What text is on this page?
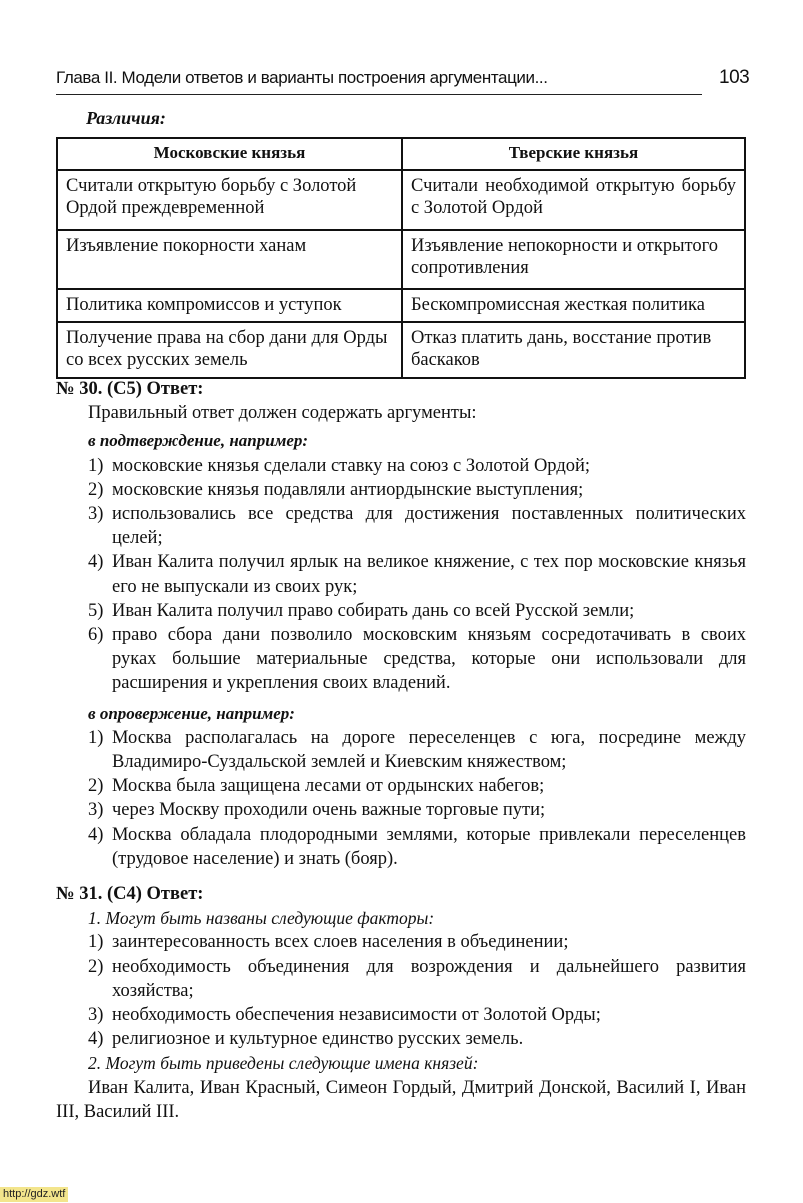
Глава II. Модели ответов и варианты построения аргументации...	103
Различия:
Московские князья	Тверские князья
Считали открытую борьбу с Золотой Ордой преждевременной	Считали необходимой открытую борьбу с Золотой Ордой
Изъявление покорности ханам	Изъявление непокорности и открытого сопротивления
Политика компромиссов и уступок	Бескомпромиссная жесткая политика
Получение права на сбор дани для Орды со всех русских земель	Отказ платить дань, восстание против баскаков
№ 30. (С5) Ответ:
Правильный ответ должен содержать аргументы:
в подтверждение, например:
1) московские князья сделали ставку на союз с Золотой Ордой;
2) московские князья подавляли антиордынские выступления;
3) использовались все средства для достижения поставленных политических целей;
4) Иван Калита получил ярлык на великое княжение, с тех пор московские князья его не выпускали из своих рук;
5) Иван Калита получил право собирать дань со всей Русской земли;
6) право сбора дани позволило московским князьям сосредотачивать в своих руках большие материальные средства, которые они использовали для расширения и укрепления своих владений.
в опровержение, например:
1) Москва располагалась на дороге переселенцев с юга, посредине между Владимиро-Суздальской землей и Киевским княжеством;
2) Москва была защищена лесами от ордынских набегов;
3) через Москву проходили очень важные торговые пути;
4) Москва обладала плодородными землями, которые привлекали переселенцев (трудовое население) и знать (бояр).
№ 31. (С4) Ответ:
1. Могут быть названы следующие факторы:
1) заинтересованность всех слоев населения в объединении;
2) необходимость объединения для возрождения и дальнейшего развития хозяйства;
3) необходимость обеспечения независимости от Золотой Орды;
4) религиозное и культурное единство русских земель.
2. Могут быть приведены следующие имена князей:
Иван Калита, Иван Красный, Симеон Гордый, Дмитрий Донской, Василий I, Иван III, Василий III.
http://gdz.wtf
